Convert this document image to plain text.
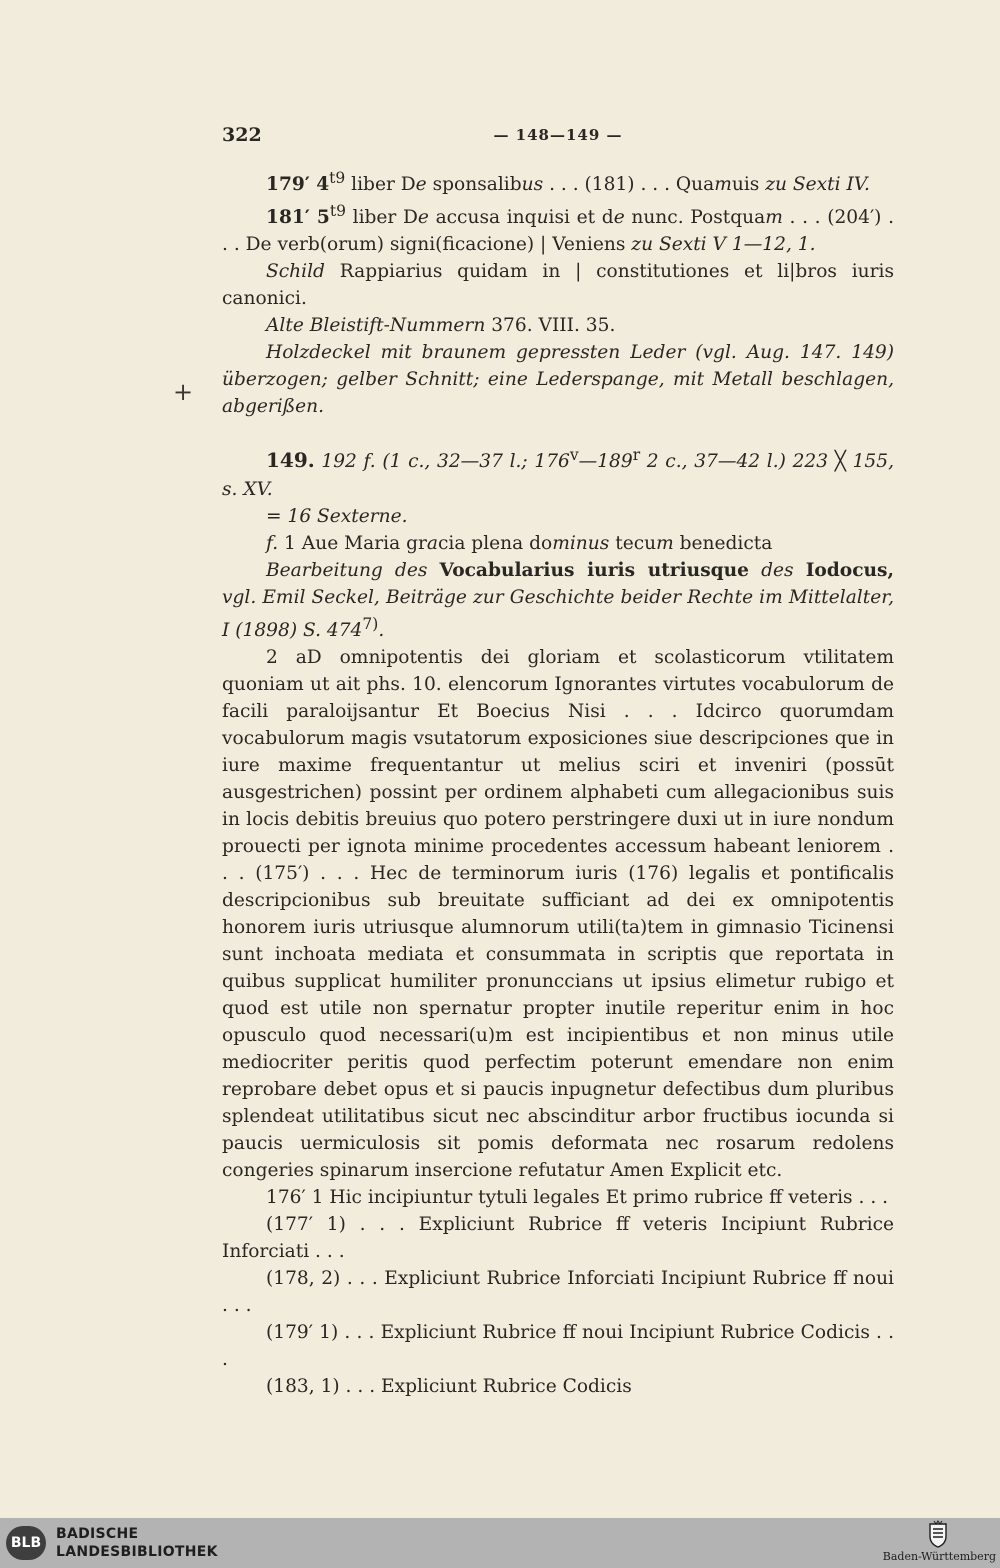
322	— 148—149 —
+

179′ $4^{t9}$ liber De sponsalibus . . . (181) . . . Quamuis zu Sexti IV.

181′ $5^{t9}$ liber De accusa inquisi et de nunc. Postquam . . . (204′) . . . De verb(orum) signi(ficacione) | Veniens zu Sexti V 1—12, 1.

Schild Rappiarius quidam in | constitutiones et li|bros iuris canonici.

Alte Bleistift-Nummern 376. VIII. 35.

Holzdeckel mit braunem gepressten Leder (vgl. Aug. 147. 149) überzogen; gelber Schnitt; eine Lederspange, mit Metall beschlagen, abgerißen.

149. 192 f. (1 c., 32—37 l.; 176$^v$—189$^r$ 2 c., 37—42 l.) 223 ╳ 155, s. XV.

= 16 Sexterne.

f. 1 Aue Maria gracia plena dominus tecum benedicta

Bearbeitung des Vocabularius iuris utriusque des Iodocus, vgl. Emil Seckel, Beiträge zur Geschichte beider Rechte im Mittelalter, I (1898) S. 474$^{7)}$.

2 aD omnipotentis dei gloriam et scolasticorum vtilitatem quoniam ut ait phs. 10. elencorum Ignorantes virtutes vocabulorum de facili paraloijsantur Et Boecius Nisi . . . Idcirco quorumdam vocabulorum magis vsutatorum exposiciones siue descripciones que in iure maxime frequentantur ut melius sciri et inveniri (possūt ausgestrichen) possint per ordinem alphabeti cum allegacionibus suis in locis debitis breuius quo potero perstringere duxi ut in iure nondum prouecti per ignota minime procedentes accessum habeant leniorem . . . (175′) . . . Hec de terminorum iuris (176) legalis et pontificalis descripcionibus sub breuitate sufficiant ad dei ex omnipotentis honorem iuris utriusque alumnorum utili(ta)tem in gimnasio Ticinensi sunt inchoata mediata et consummata in scriptis que reportata in quibus supplicat humiliter pronunccians ut ipsius elimetur rubigo et quod est utile non spernatur propter inutile reperitur enim in hoc opusculo quod necessari(u)m est incipientibus et non minus utile mediocriter peritis quod perfectim poterunt emendare non enim reprobare debet opus et si paucis inpugnetur defectibus dum pluribus splendeat utilitatibus sicut nec abscinditur arbor fructibus iocunda si paucis uermiculosis sit pomis deformata nec rosarum redolens congeries spinarum insercione refutatur Amen Explicit etc.

176′ 1 Hic incipiuntur tytuli legales Et primo rubrice ff veteris . . .

(177′ 1) . . . Expliciunt Rubrice ff veteris Incipiunt Rubrice Inforciati . . .

(178, 2) . . . Expliciunt Rubrice Inforciati Incipiunt Rubrice ff noui . . .

(179′ 1) . . . Expliciunt Rubrice ff noui Incipiunt Rubrice Codicis . . .

(183, 1) . . . Expliciunt Rubrice Codicis

BLB
BADISCHE
LANDESBIBLIOTHEK	Baden-Württemberg
